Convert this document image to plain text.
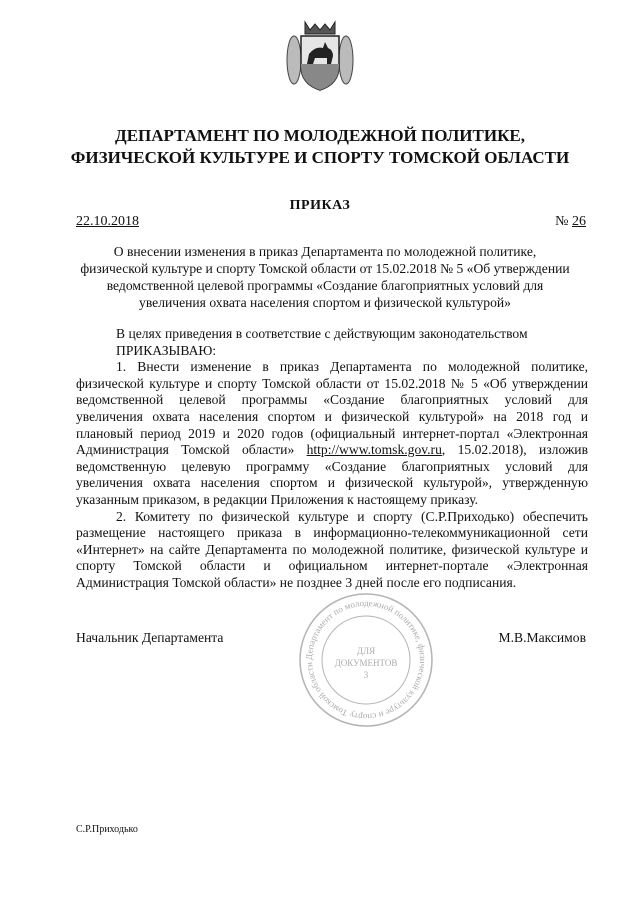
ДЕПАРТАМЕНТ ПО МОЛОДЕЖНОЙ ПОЛИТИКЕ,
ФИЗИЧЕСКОЙ КУЛЬТУРЕ И СПОРТУ ТОМСКОЙ ОБЛАСТИ
ПРИКАЗ
22.10.2018	№ 26
О внесении изменения в приказ Департамента по молодежной политике,
физической культуре и спорту Томской области от 15.02.2018 № 5 «Об утверждении
ведомственной целевой программы «Создание благоприятных условий для
увеличения охвата населения спортом и физической культурой»
В целях приведения в соответствие с действующим законодательством
ПРИКАЗЫВАЮ:
1. Внести изменение в приказ Департамента по молодежной политике,
физической культуре и спорту Томской области от 15.02.2018 № 5 «Об утверждении
ведомственной целевой программы «Создание благоприятных условий для
увеличения охвата населения спортом и физической культурой» на 2018 год и
плановый период 2019 и 2020 годов (официальный интернет-портал «Электронная
Администрация Томской области» http://www.tomsk.gov.ru, 15.02.2018), изложив
ведомственную целевую программу «Создание благоприятных условий для
увеличения охвата населения спортом и физической культурой», утвержденную
указанным приказом, в редакции Приложения к настоящему приказу.
2. Комитету по физической культуре и спорту (С.Р.Приходько) обеспечить
размещение настоящего приказа в информационно-телекоммуникационной сети
«Интернет» на сайте Департамента по молодежной политике, физической культуре и
спорту Томской области и официальном интернет-портале «Электронная
Администрация Томской области» не позднее 3 дней после его подписания.
Начальник Департамента	М.В.Максимов
Департамент по молодежной политике, физической культуре и спорту Томской области
ДЛЯ
ДОКУМЕНТОВ
3
С.Р.Приходько
